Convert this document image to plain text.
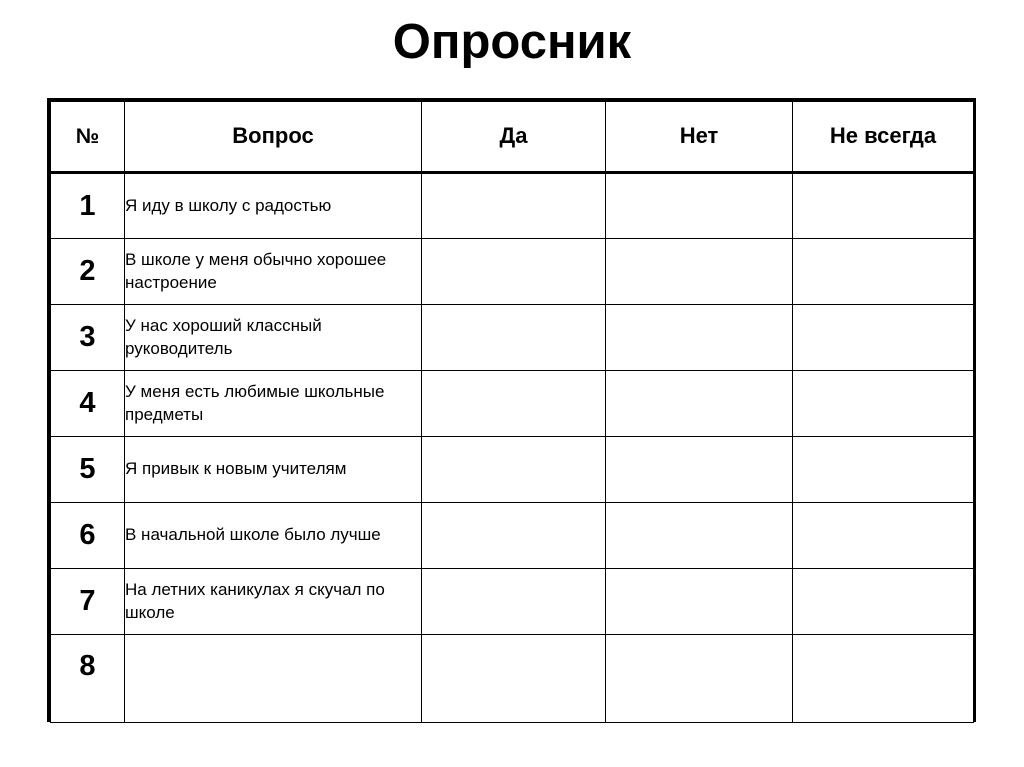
Опросник
№	Вопрос	Да	Нет	Не всегда
1	Я иду в школу с радостью			
2	В школе у меня обычно хорошее настроение			
3	У нас хороший классный руководитель			
4	У меня есть любимые школьные предметы			
5	Я привык к новым учителям			
6	В начальной школе было лучше			
7	На летних каникулах я скучал по школе			
8				
